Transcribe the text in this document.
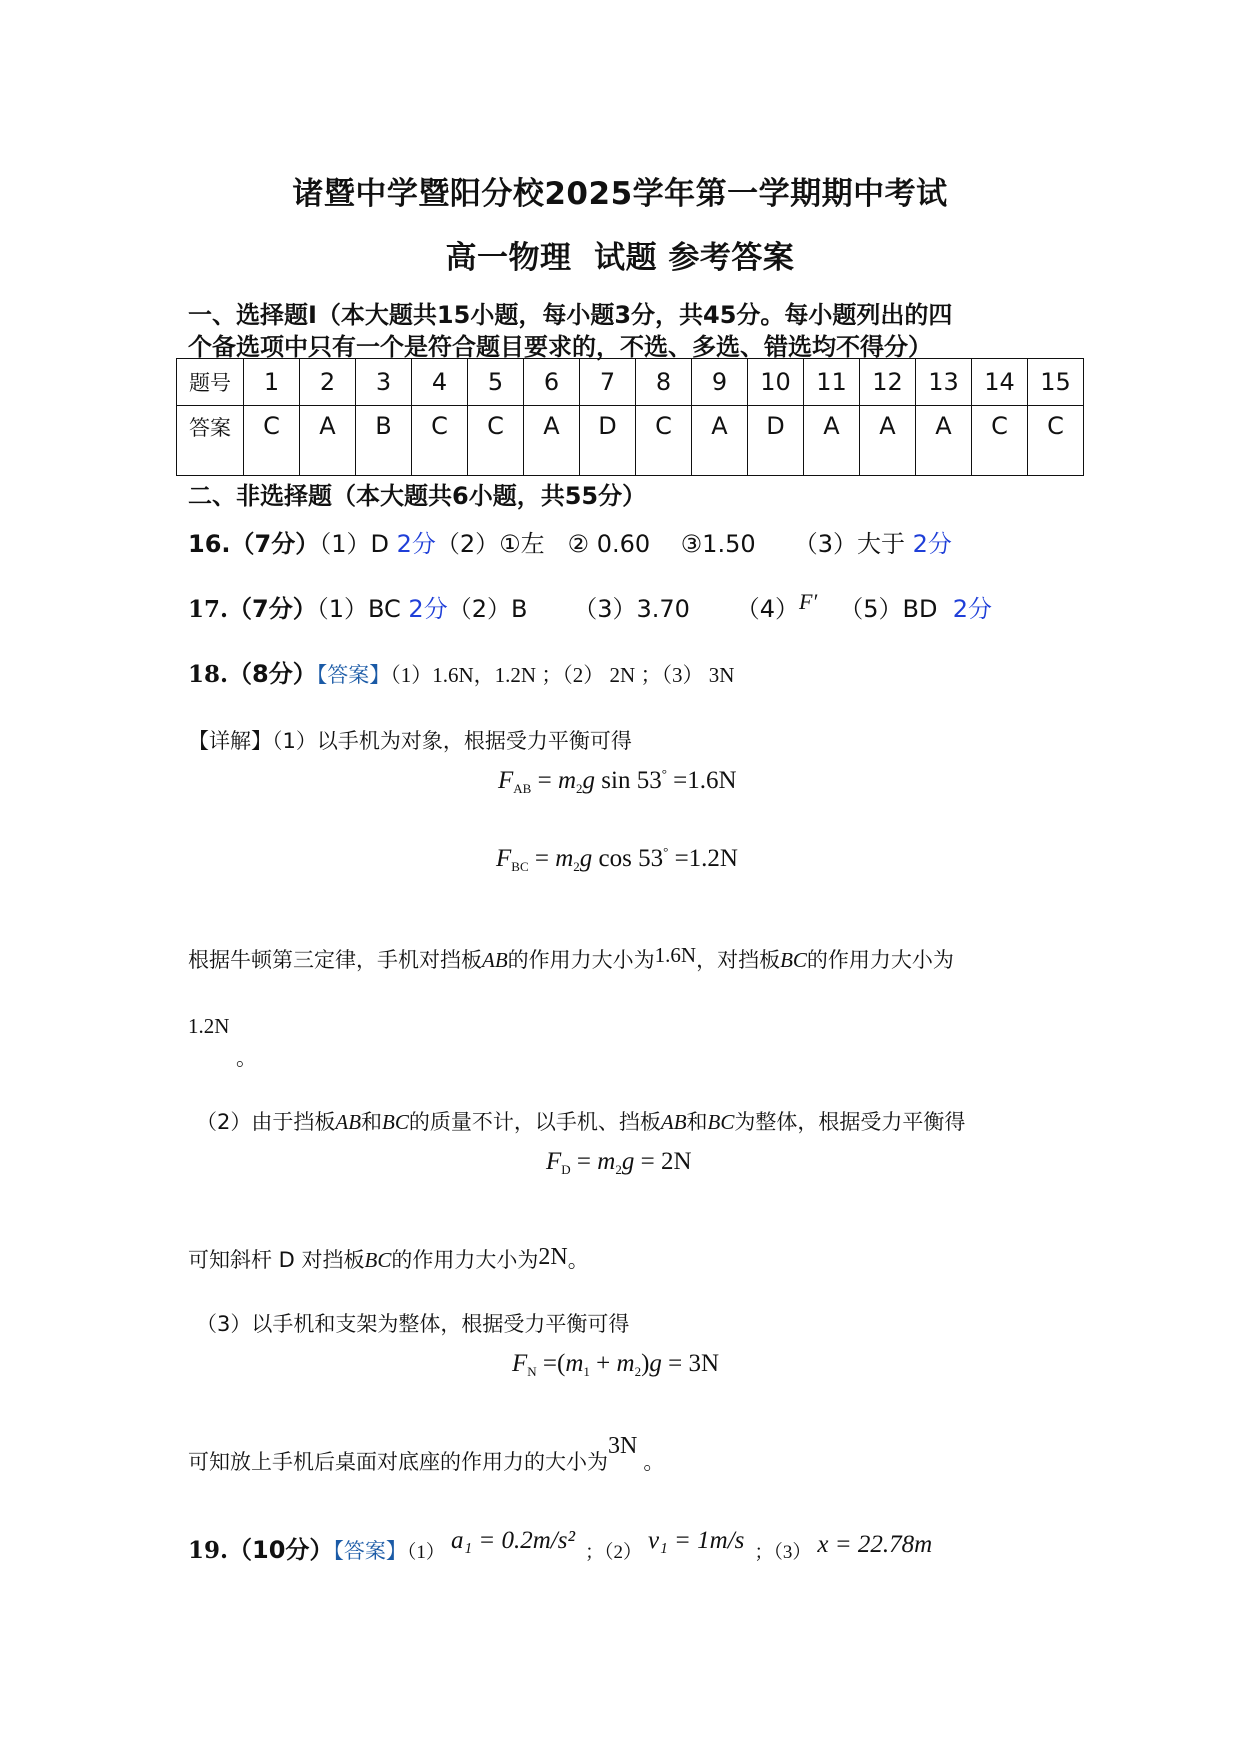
诸暨中学暨阳分校2025学年第一学期期中考试
高一物理  试题 参考答案
一、选择题Ⅰ（本大题共15小题，每小题3分，共45分。每小题列出的四
个备选项中只有一个是符合题目要求的，不选、多选、错选均不得分）
题号	1	2	3	4	5	6	7	8	9	10	11	12	13	14	15
答案	C	A	B	C	C	A	D	C	A	D	A	A	A	C	C
二、非选择题（本大题共6小题，共55分）
16.（7分）（1）D 2分（2）①左   ② 0.60    ③1.50     （3）大于 2分
17.（7分）（1）BC 2分（2）B      （3）3.70      （4）F′ （5）BD  2分
18.（8分）【答案】（1）1.6N，1.2N ；（2） 2N ；（3） 3N
【详解】（1）以手机为对象，根据受力平衡可得
$F_{AB} = m_2g$ sin 53° =1.6N
$F_{BC} = m_2g$ cos 53° =1.2N
根据牛顿第三定律，手机对挡板AB的作用力大小为1.6N，对挡板BC的作用力大小为
1.2N
。
（2）由于挡板AB和BC的质量不计，以手机、挡板AB和BC为整体，根据受力平衡得
$F_D = m_2g = 2N$
可知斜杆 D 对挡板BC的作用力大小为2N。
（3）以手机和支架为整体，根据受力平衡可得
$F_N =(m_1 + m_2)g = 3N$
可知放上手机后桌面对底座的作用力的大小为3N。
19.（10分）【答案】（1） a₁ = 0.2m/s² ；（2） v₁ = 1m/s ；（3） x = 22.78m
